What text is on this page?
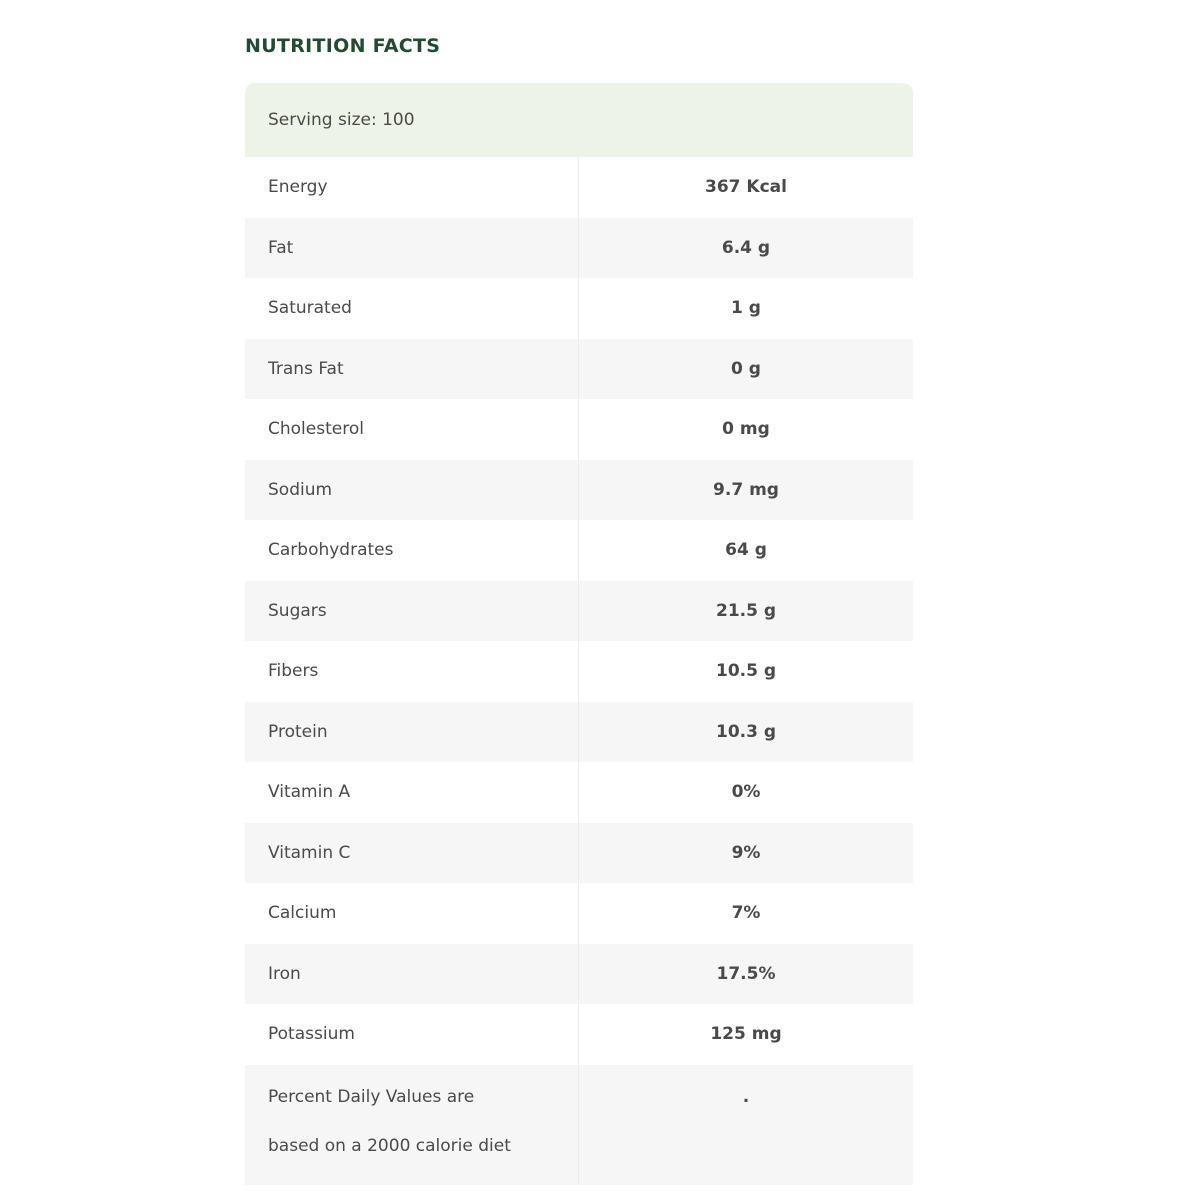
NUTRITION FACTS
Serving size: 100
Energy	367 Kcal
Fat	6.4 g
Saturated	1 g
Trans Fat	0 g
Cholesterol	0 mg
Sodium	9.7 mg
Carbohydrates	64 g
Sugars	21.5 g
Fibers	10.5 g
Protein	10.3 g
Vitamin A	0%
Vitamin C	9%
Calcium	7%
Iron	17.5%
Potassium	125 mg
Percent Daily Values are
based on a 2000 calorie diet
.
